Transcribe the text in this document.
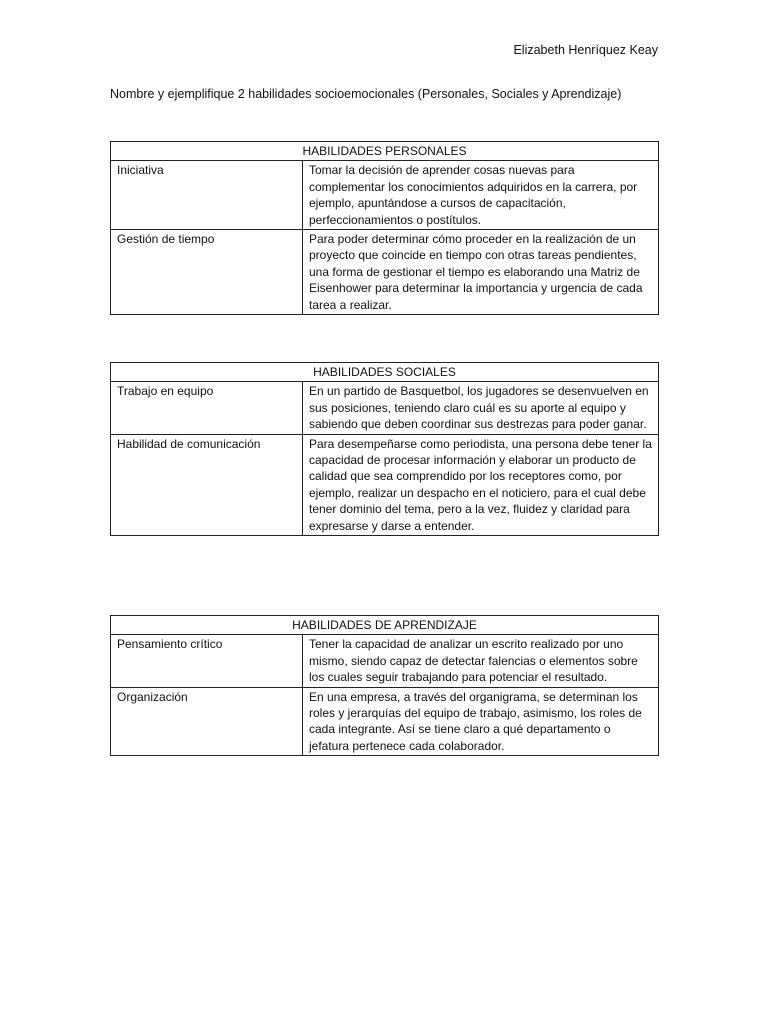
Elizabeth Henríquez Keay
Nombre y ejemplifique 2 habilidades socioemocionales (Personales, Sociales y Aprendizaje)
HABILIDADES PERSONALES	
Iniciativa	Tomar la decisión de aprender cosas nuevas para complementar los conocimientos adquiridos en la carrera, por ejemplo, apuntándose a cursos de capacitación, perfeccionamientos o postítulos.
Gestión de tiempo	Para poder determinar cómo proceder en la realización de un proyecto que coincide en tiempo con otras tareas pendientes, una forma de gestionar el tiempo es elaborando una Matriz de Eisenhower para determinar la importancia y urgencia de cada tarea a realizar.
HABILIDADES SOCIALES	
Trabajo en equipo	En un partido de Basquetbol, los jugadores se desenvuelven en sus posiciones, teniendo claro cuál es su aporte al equipo y sabiendo que deben coordinar sus destrezas para poder ganar.
Habilidad de comunicación	Para desempeñarse como periodista, una persona debe tener la capacidad de procesar información y elaborar un producto de calidad que sea comprendido por los receptores como, por ejemplo, realizar un despacho en el noticiero, para el cual debe tener dominio del tema, pero a la vez, fluidez y claridad para expresarse y darse a entender.
HABILIDADES DE APRENDIZAJE	
Pensamiento crítico	Tener la capacidad de analizar un escrito realizado por uno mismo, siendo capaz de detectar falencias o elementos sobre los cuales seguir trabajando para potenciar el resultado.
Organización	En una empresa, a través del organigrama, se determinan los roles y jerarquías del equipo de trabajo, asimismo, los roles de cada integrante. Así se tiene claro a qué departamento o jefatura pertenece cada colaborador.
